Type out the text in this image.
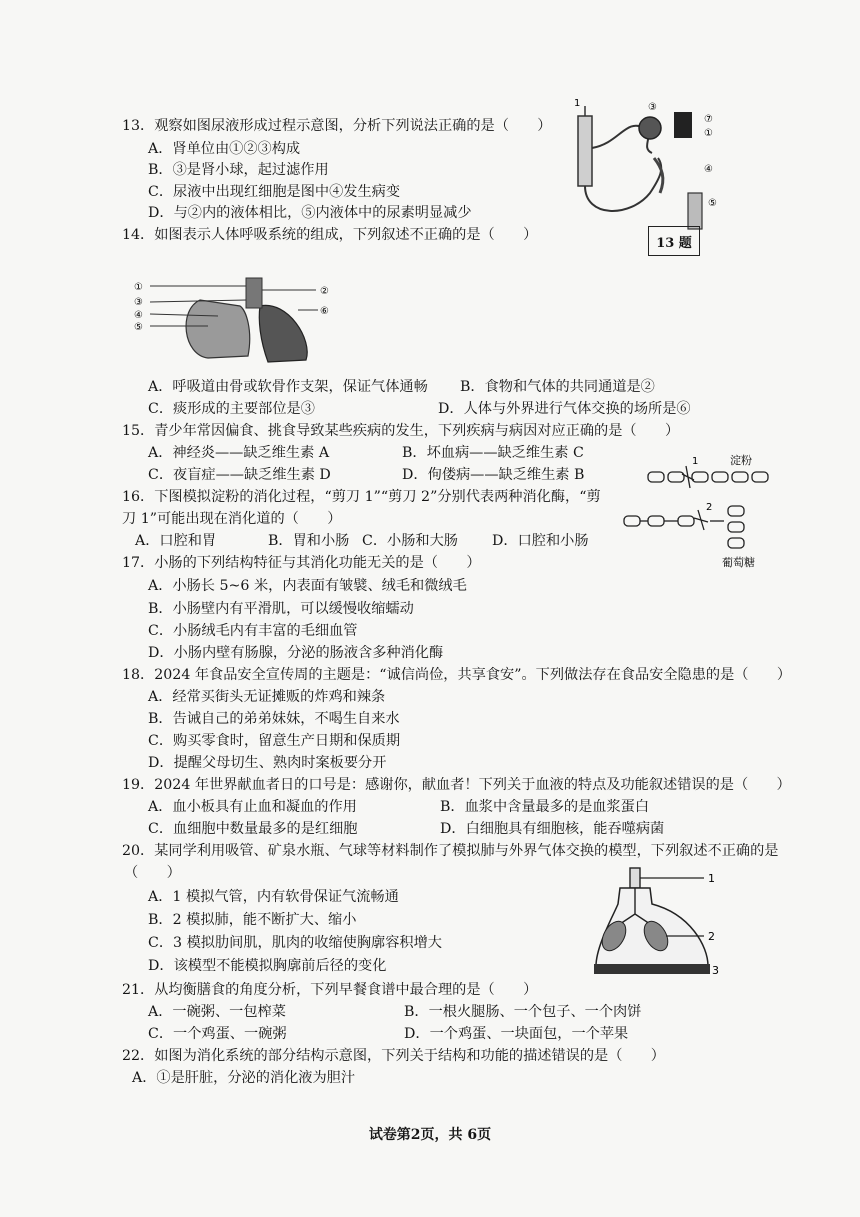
13．观察如图尿液形成过程示意图，分析下列说法正确的是（　　）
A．肾单位由①②③构成
B．③是肾小球，起过滤作用
C．尿液中出现红细胞是图中④发生病变
D．与②内的液体相比，⑤内液体中的尿素明显减少
1	③
⑦
①
④
⑤
13 题
14．如图表示人体呼吸系统的组成，下列叙述不正确的是（　　）
①
③
④
⑤
②
⑥
A．呼吸道由骨或软骨作支架，保证气体通畅 B．食物和气体的共同通道是②
C．痰形成的主要部位是③	D．人体与外界进行气体交换的场所是⑥
15．青少年常因偏食、挑食导致某些疾病的发生，下列疾病与病因对应正确的是（　　）
A．神经炎——缺乏维生素 A	B．坏血病——缺乏维生素 C
C．夜盲症——缺乏维生素 D	D．佝偻病——缺乏维生素 B
16．下图模拟淀粉的消化过程，“剪刀 1”“剪刀 2”分别代表两种消化酶，“剪
刀 1”可能出现在消化道的（　　）
A．口腔和胃	B．胃和小肠 C．小肠和大肠 D．口腔和小肠
1	淀粉
2
葡萄糖
17．小肠的下列结构特征与其消化功能无关的是（　　）
A．小肠长 5~6 米，内表面有皱襞、绒毛和微绒毛
B．小肠壁内有平滑肌，可以缓慢收缩蠕动
C．小肠绒毛内有丰富的毛细血管
D．小肠内壁有肠腺，分泌的肠液含多种消化酶
18．2024 年食品安全宣传周的主题是：“诚信尚俭，共享食安”。下列做法存在食品安全隐患的是（　　）
A．经常买街头无证摊贩的炸鸡和辣条
B．告诫自己的弟弟妹妹，不喝生自来水
C．购买零食时，留意生产日期和保质期
D．提醒父母切生、熟肉时案板要分开
19．2024 年世界献血者日的口号是：感谢你，献血者！下列关于血液的特点及功能叙述错误的是（　　）
A．血小板具有止血和凝血的作用	B．血浆中含量最多的是血浆蛋白
C．血细胞中数量最多的是红细胞	D．白细胞具有细胞核，能吞噬病菌
20．某同学利用吸管、矿泉水瓶、气球等材料制作了模拟肺与外界气体交换的模型，下列叙述不正确的是
（　　）
A．1 模拟气管，内有软骨保证气流畅通
B．2 模拟肺，能不断扩大、缩小
C．3 模拟肋间肌，肌肉的收缩使胸廓容积增大
D．该模型不能模拟胸廓前后径的变化
1
2
3
21．从均衡膳食的角度分析，下列早餐食谱中最合理的是（　　）
A．一碗粥、一包榨菜	B．一根火腿肠、一个包子、一个肉饼
C．一个鸡蛋、一碗粥	D．一个鸡蛋、一块面包，一个苹果
22．如图为消化系统的部分结构示意图，下列关于结构和功能的描述错误的是（　　）
A．①是肝脏，分泌的消化液为胆汁
试卷第2页，共 6页
